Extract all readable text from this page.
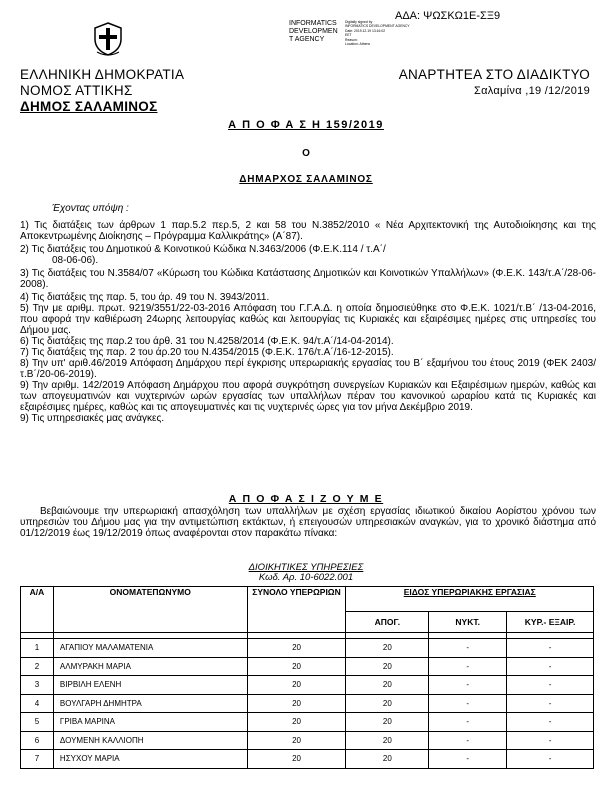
ΑΔΑ: ΨΩΣΚΩ1Ε-ΣΞ9
INFORMATICS
DEVELOPMEN
T AGENCY
Digitally signed by
INFORMATICS DEVELOPMENT AGENCY
Date: 2019.12.19 13:16:02
EET
Reason:
Location: Athens
ΕΛΛΗΝΙΚΗ ΔΗΜΟΚΡΑΤΙΑ
ΝΟΜΟΣ ΑΤΤΙΚΗΣ
ΔΗΜΟΣ ΣΑΛΑΜΙΝΟΣ
ΑΝΑΡΤΗΤΕΑ ΣΤΟ ΔΙΑΔΙΚΤΥΟ
Σαλαμίνα ,19 /12/2019
Α Π Ο Φ Α Σ Η 159/2019
Ο
ΔΗΜΑΡΧΟΣ ΣΑΛΑΜΙΝΟΣ
Έχοντας υπόψη :

1) Τις διατάξεις των άρθρων 1 παρ.5.2 περ.5, 2 και 58 του Ν.3852/2010 « Νέα Αρχιτεκτονική της Αυτοδιοίκησης και της Αποκεντρωμένης Διοίκησης – Πρόγραμμα Καλλικράτης» (Α΄87).

2) Τις διατάξεις του Δημοτικού & Κοινοτικού Κώδικα Ν.3463/2006 (Φ.Ε.Κ.114 / τ.Α΄/

08-06-06).

3) Τις διατάξεις του Ν.3584/07 «Κύρωση του Κώδικα Κατάστασης Δημοτικών και Κοινοτικών Υπαλλήλων» (Φ.Ε.Κ. 143/τ.Α΄/28-06-2008).

4) Τις διατάξεις της παρ. 5, του άρ. 49 του Ν. 3943/2011.

5) Την με αριθμ. πρωτ. 9219/3551/22-03-2016 Απόφαση του Γ.Γ.Α.Δ. η οποία δημοσιεύθηκε στο Φ.Ε.Κ. 1021/τ.Β΄ /13-04-2016, που αφορά την καθιέρωση 24ωρης λειτουργίας καθώς και λειτουργίας τις Κυριακές και εξαιρέσιμες ημέρες στις υπηρεσίες του Δήμου μας.

6) Τις διατάξεις της παρ.2 του άρθ. 31 του Ν.4258/2014 (Φ.Ε.Κ. 94/τ.Α΄/14-04-2014).

7) Τις διατάξεις της παρ. 2 του άρ.20 του Ν.4354/2015 (Φ.Ε.Κ. 176/τ.Α΄/16-12-2015).

8) Την υπ' αριθ.46/2019 Απόφαση Δημάρχου περί έγκρισης υπερωριακής εργασίας του Β΄ εξαμήνου του έτους 2019 (ΦΕΚ 2403/τ.Β΄/20-06-2019).

9) Την αριθμ. 142/2019 Απόφαση Δημάρχου που αφορά συγκρότηση συνεργείων Κυριακών και Εξαιρέσιμων ημερών, καθώς και των απογευματινών και νυχτερινών ωρών εργασίας των υπαλλήλων πέραν του κανονικού ωραρίου κατά τις Κυριακές και εξαιρέσιμες ημέρες, καθώς και τις απογευματινές και τις νυχτερινές ώρες για τον μήνα Δεκέμβριο 2019.

9) Τις υπηρεσιακές μας ανάγκες.

Α Π Ο Φ Α Σ Ι Ζ Ο Υ Μ Ε
Βεβαιώνουμε την υπερωριακή απασχόληση των υπαλλήλων με σχέση εργασίας ιδιωτικού δικαίου Αορίστου χρόνου των υπηρεσιών του Δήμου μας για την αντιμετώπιση εκτάκτων, ή επειγουσών υπηρεσιακών αναγκών, για το χρονικό διάστημα από 01/12/2019 έως 19/12/2019 όπως αναφέρονται στον παρακάτω πίνακα:
ΔΙΟΙΚΗΤΙΚΕΣ ΥΠΗΡΕΣΙΕΣ
Κωδ. Αρ. 10-6022.001
Α/Α	ΟΝΟΜΑΤΕΠΩΝΥΜΟ	ΣΥΝΟΛΟ ΥΠΕΡΩΡΙΩΝ	ΕΙΔΟΣ ΥΠΕΡΩΡΙΑΚΗΣ ΕΡΓΑΣΙΑΣ		
			ΑΠΟΓ.	ΝΥΚΤ.	ΚΥΡ.- ΕΞΑΙΡ.

1	ΑΓΑΠΙΟΥ ΜΑΛΑΜΑΤΕΝΙΑ	20	20	-	-
2	ΑΛΜΥΡΑΚΗ ΜΑΡΙΑ	20	20	-	-
3	ΒΙΡΒΙΛΗ ΕΛΕΝΗ	20	20	-	-
4	ΒΟΥΛΓΑΡΗ ΔΗΜΗΤΡΑ	20	20	-	-
5	ΓΡΙΒΑ ΜΑΡΙΝΑ	20	20	-	-
6	ΔΟΥΜΕΝΗ ΚΑΛΛΙΟΠΗ	20	20	-	-
7	ΗΣΥΧΟΥ ΜΑΡΙΑ	20	20	-	-
